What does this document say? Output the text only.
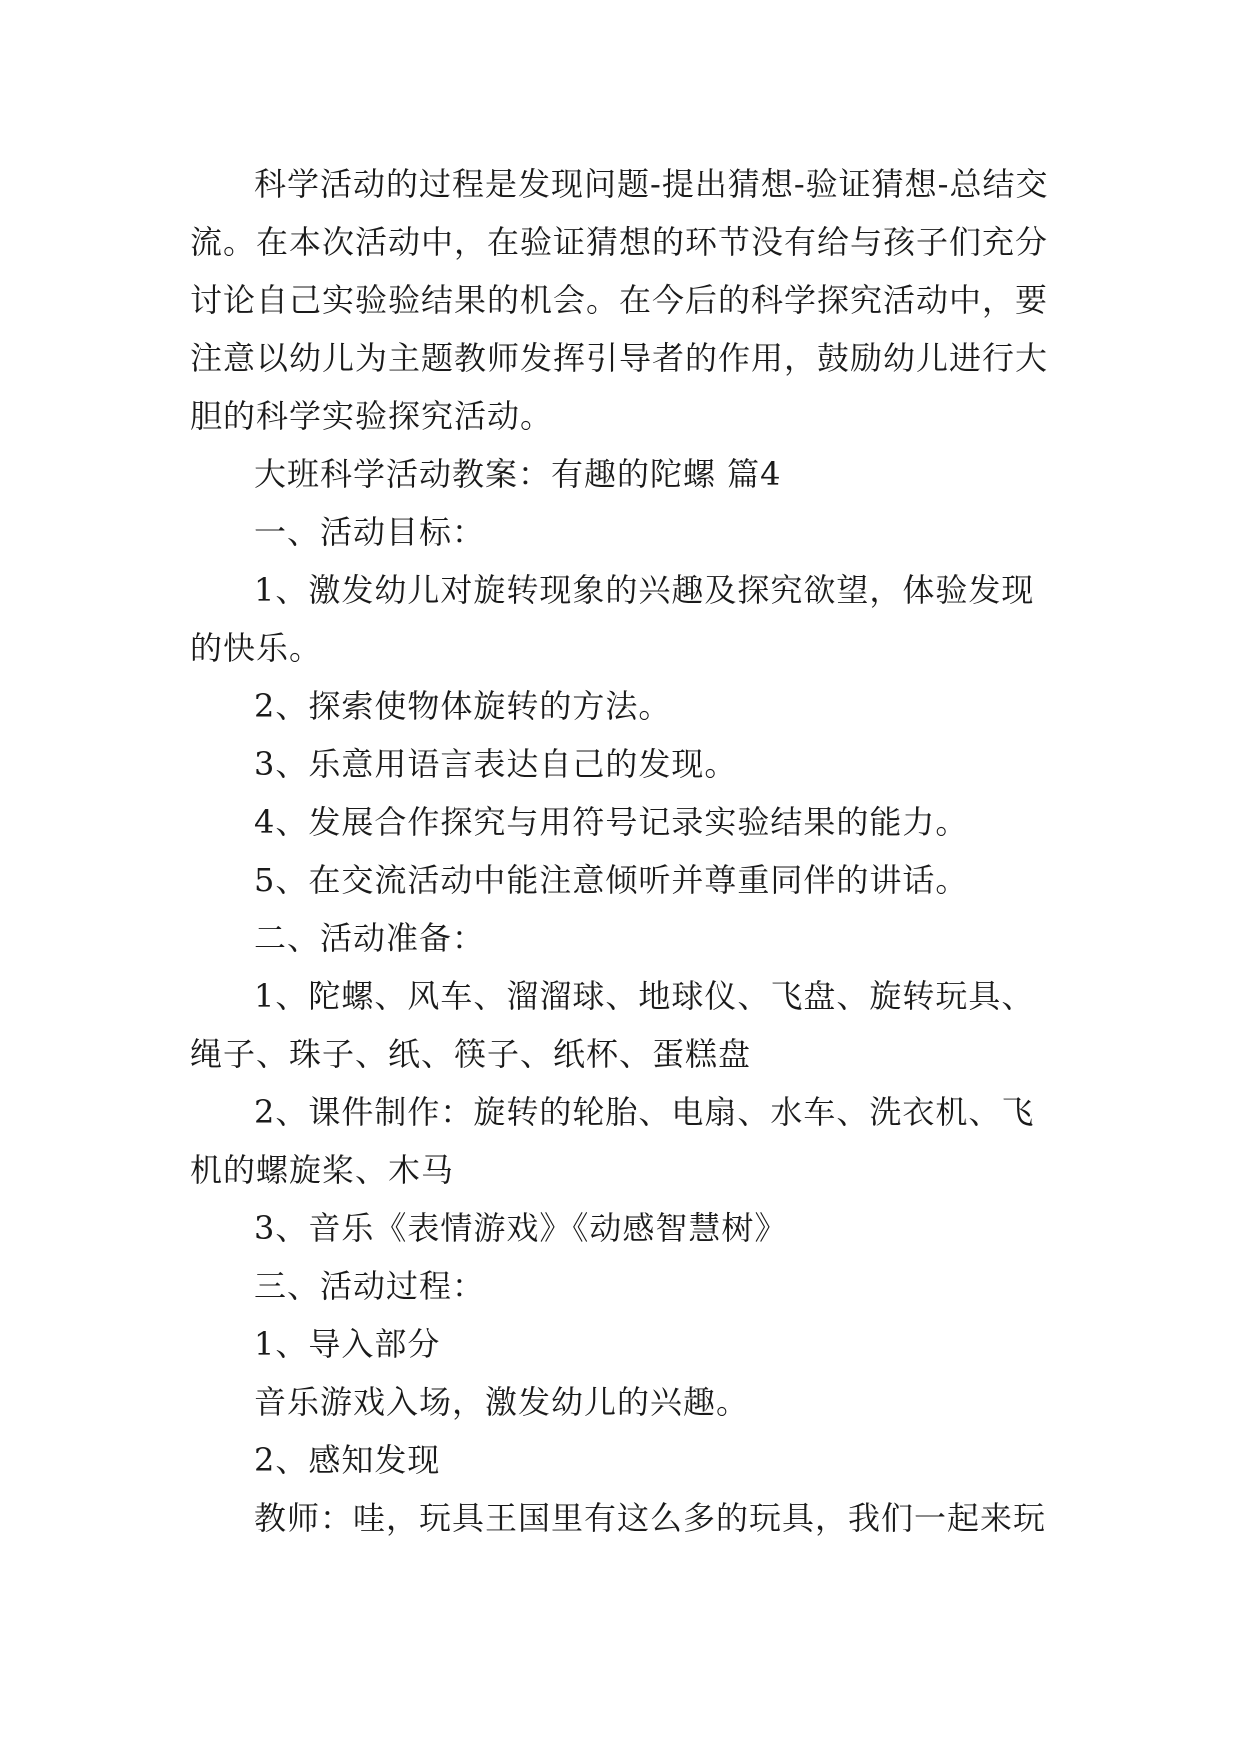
科学活动的过程是发现问题-提出猜想-验证猜想-总结交流。在本次活动中，在验证猜想的环节没有给与孩子们充分讨论自己实验验结果的机会。在今后的科学探究活动中，要注意以幼儿为主题教师发挥引导者的作用，鼓励幼儿进行大胆的科学实验探究活动。

大班科学活动教案：有趣的陀螺 篇4

一、活动目标：

1、激发幼儿对旋转现象的兴趣及探究欲望，体验发现的快乐。

2、探索使物体旋转的方法。

3、乐意用语言表达自己的发现。

4、发展合作探究与用符号记录实验结果的能力。

5、在交流活动中能注意倾听并尊重同伴的讲话。

二、活动准备：

1、陀螺、风车、溜溜球、地球仪、飞盘、旋转玩具、绳子、珠子、纸、筷子、纸杯、蛋糕盘

2、课件制作：旋转的轮胎、电扇、水车、洗衣机、飞机的螺旋桨、木马

3、音乐《表情游戏》《动感智慧树》

三、活动过程：

1、导入部分

音乐游戏入场，激发幼儿的兴趣。

2、感知发现

教师：哇，玩具王国里有这么多的玩具，我们一起来玩
